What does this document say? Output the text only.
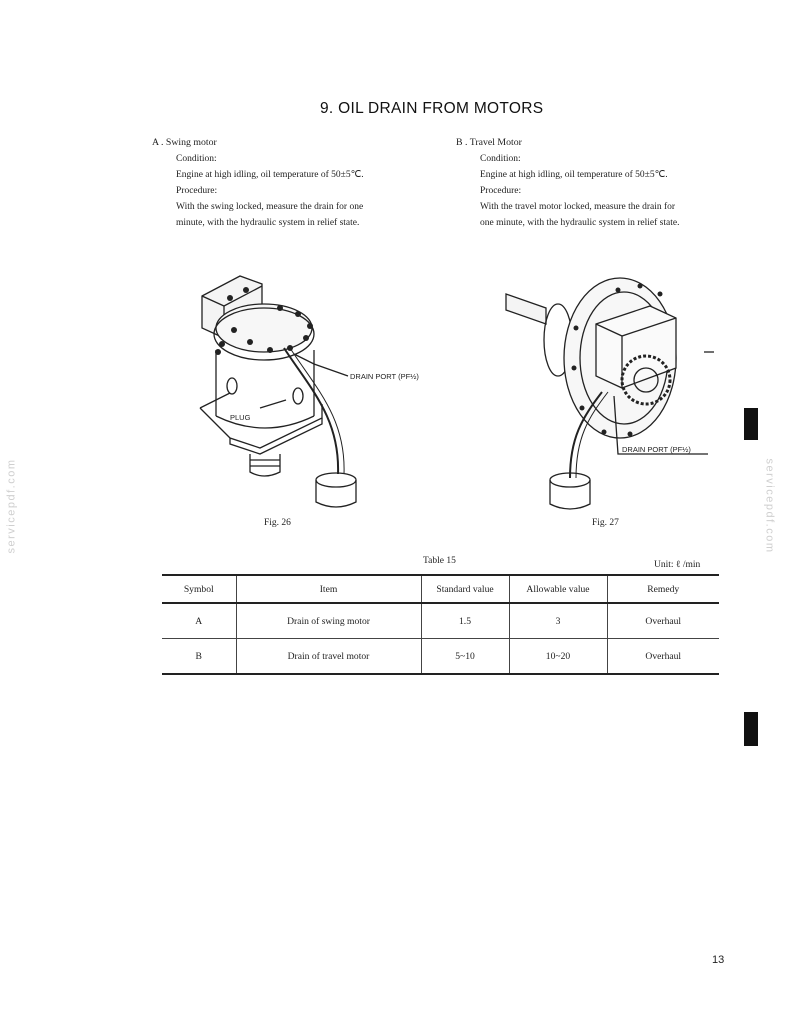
9. OIL DRAIN FROM MOTORS
A . Swing motor
Condition:
Engine at high idling, oil temperature of 50±5℃.
Procedure:
With the swing locked, measure the drain for one
minute, with the hydraulic system in relief state.
B . Travel Motor
Condition:
Engine at high idling, oil temperature of 50±5℃.
Procedure:
With the travel motor locked, measure the drain for
one minute, with the hydraulic system in relief state.
DRAIN PORT (PF½)
PLUG
DRAIN PORT (PF½)
Fig. 26	Fig. 27
Table 15	Unit: ℓ /min
Symbol	Item	Standard value	Allowable value	Remedy
A	Drain of swing motor	1.5	3	Overhaul
B	Drain of travel motor	5~10	10~20	Overhaul
servicepdf.com	servicepdf.com
13
